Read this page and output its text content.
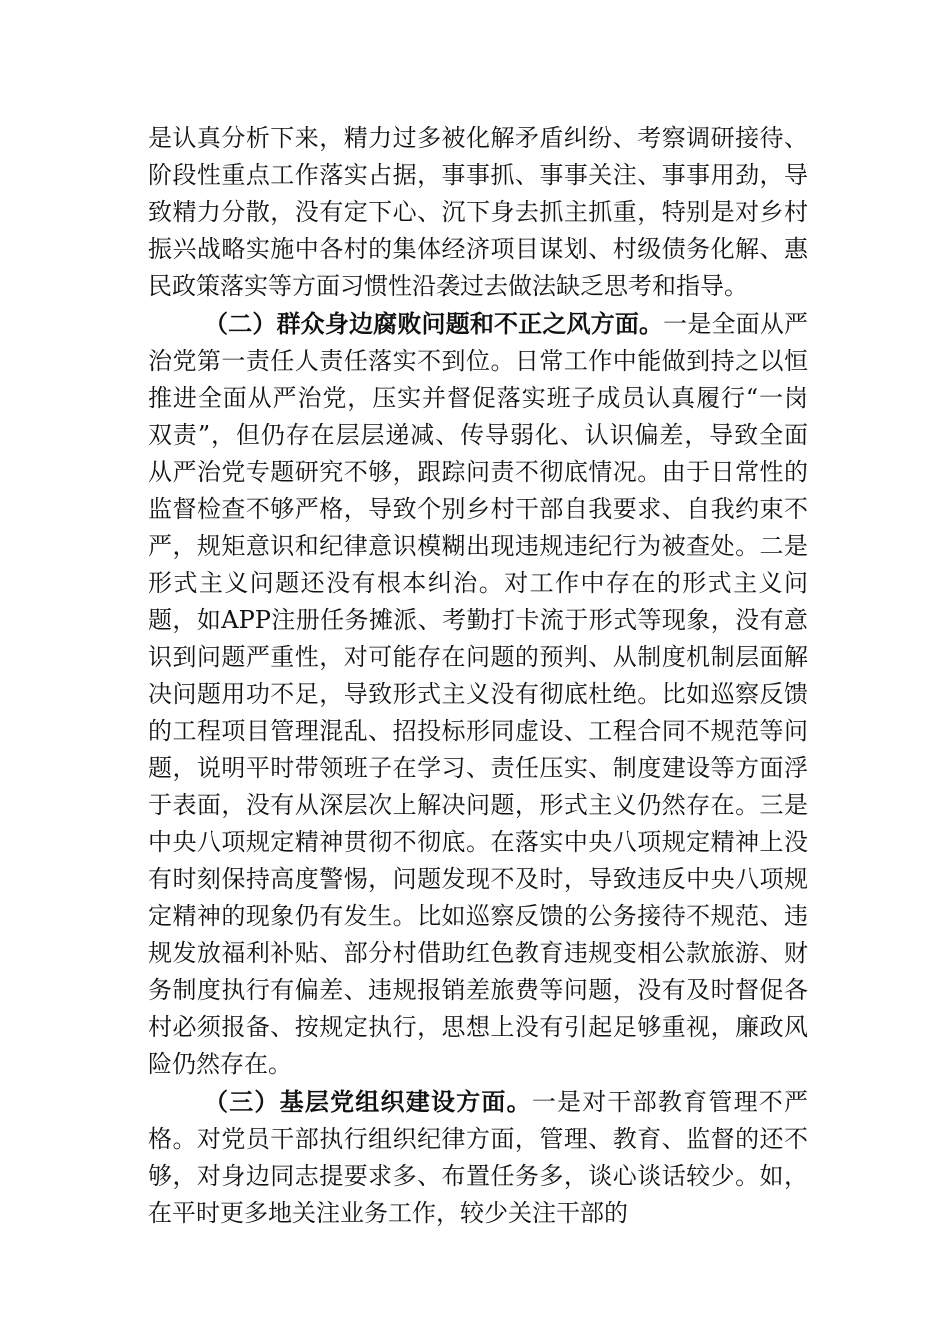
是认真分析下来，精力过多被化解矛盾纠纷、考察调研接待、阶段性重点工作落实占据，事事抓、事事关注、事事用劲，导致精力分散，没有定下心、沉下身去抓主抓重，特别是对乡村振兴战略实施中各村的集体经济项目谋划、村级债务化解、惠民政策落实等方面习惯性沿袭过去做法缺乏思考和指导。

（二）群众身边腐败问题和不正之风方面。一是全面从严治党第一责任人责任落实不到位。日常工作中能做到持之以恒推进全面从严治党，压实并督促落实班子成员认真履行“一岗双责”，但仍存在层层递减、传导弱化、认识偏差，导致全面从严治党专题研究不够，跟踪问责不彻底情况。由于日常性的监督检查不够严格，导致个别乡村干部自我要求、自我约束不严，规矩意识和纪律意识模糊出现违规违纪行为被查处。二是形式主义问题还没有根本纠治。对工作中存在的形式主义问题，如APP注册任务摊派、考勤打卡流于形式等现象，没有意识到问题严重性，对可能存在问题的预判、从制度机制层面解决问题用功不足，导致形式主义没有彻底杜绝。比如巡察反馈的工程项目管理混乱、招投标形同虚设、工程合同不规范等问题，说明平时带领班子在学习、责任压实、制度建设等方面浮于表面，没有从深层次上解决问题，形式主义仍然存在。三是中央八项规定精神贯彻不彻底。在落实中央八项规定精神上没有时刻保持高度警惕，问题发现不及时，导致违反中央八项规定精神的现象仍有发生。比如巡察反馈的公务接待不规范、违规发放福利补贴、部分村借助红色教育违规变相公款旅游、财务制度执行有偏差、违规报销差旅费等问题，没有及时督促各村必须报备、按规定执行，思想上没有引起足够重视，廉政风险仍然存在。

（三）基层党组织建设方面。一是对干部教育管理不严格。对党员干部执行组织纪律方面，管理、教育、监督的还不够，对身边同志提要求多、布置任务多，谈心谈话较少。如，在平时更多地关注业务工作，较少关注干部的
